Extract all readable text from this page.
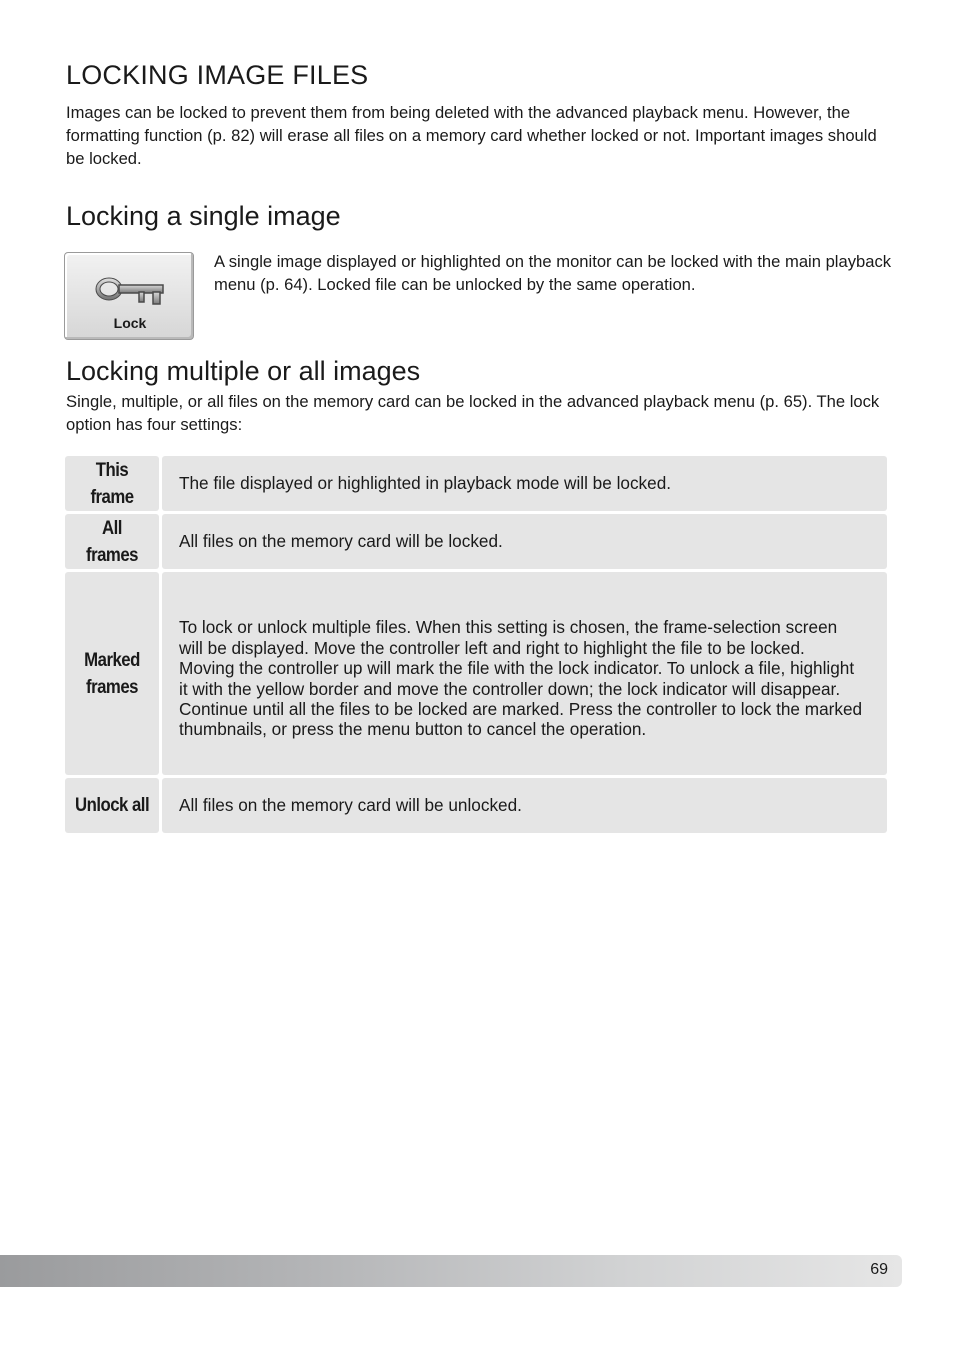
LOCKING IMAGE FILES

Images can be locked to prevent them from being deleted with the advanced playback menu. However, the formatting function (p. 82) will erase all files on a memory card whether locked or not. Important images should be locked.

Locking a single image
Lock

A single image displayed or highlighted on the monitor can be locked with the main playback menu (p. 64). Locked file can be unlocked by the same operation.

Locking multiple or all images

Single, multiple, or all files on the memory card can be locked in the advanced playback menu (p. 65). The lock option has four settings:

This frame
The file displayed or highlighted in playback mode will be locked.
All frames
All files on the memory card will be locked.
Marked frames
To lock or unlock multiple files. When this setting is chosen, the frame-selection screen will be displayed. Move the controller left and right to highlight the file to be locked. Moving the controller up will mark the file with the lock indicator. To unlock a file, highlight it with the yellow border and move the controller down; the lock indicator will disappear. Continue until all the files to be locked are marked. Press the controller to lock the marked thumbnails, or press the menu button to cancel the operation.
Unlock all	All files on the memory card will be unlocked.
69
